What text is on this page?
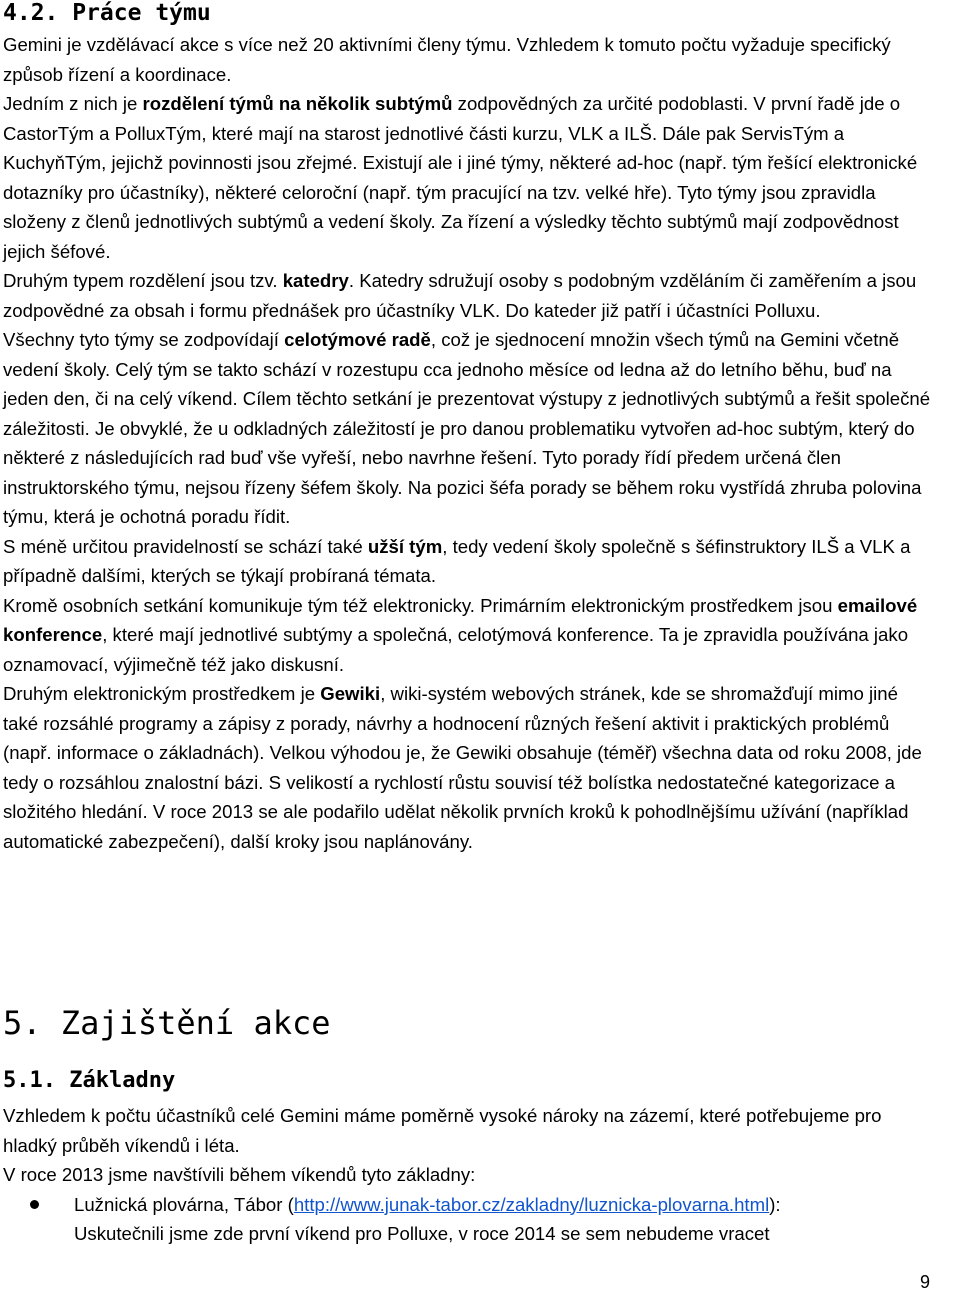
4.2. Práce týmu

Gemini je vzdělávací akce s více než 20 aktivními členy týmu. Vzhledem k tomuto počtu vyžaduje specifický způsob řízení a koordinace.

Jedním z nich je rozdělení týmů na několik subtýmů zodpovědných za určité podoblasti. V první řadě jde o CastorTým a PolluxTým, které mají na starost jednotlivé části kurzu, VLK a ILŠ. Dále pak ServisTým a KuchyňTým, jejichž povinnosti jsou zřejmé. Existují ale i jiné týmy, některé ad-hoc (např. tým řešící elektronické dotazníky pro účastníky), některé celoroční (např. tým pracující na tzv. velké hře). Tyto týmy jsou zpravidla složeny z členů jednotlivých subtýmů a vedení školy. Za řízení a výsledky těchto subtýmů mají zodpovědnost jejich šéfové.

Druhým typem rozdělení jsou tzv. katedry. Katedry sdružují osoby s podobným vzděláním či zaměřením a jsou zodpovědné za obsah i formu přednášek pro účastníky VLK. Do kateder již patří i účastníci Polluxu.

Všechny tyto týmy se zodpovídají celotýmové radě, což je sjednocení množin všech týmů na Gemini včetně vedení školy. Celý tým se takto schází v rozestupu cca jednoho měsíce od ledna až do letního běhu, buď na jeden den, či na celý víkend. Cílem těchto setkání je prezentovat výstupy z jednotlivých subtýmů a řešit společné záležitosti. Je obvyklé, že u odkladných záležitostí je pro danou problematiku vytvořen ad-hoc subtým, který do některé z následujících rad buď vše vyřeší, nebo navrhne řešení. Tyto porady řídí předem určená člen instruktorského týmu, nejsou řízeny šéfem školy. Na pozici šéfa porady se během roku vystřídá zhruba polovina týmu, která je ochotná poradu řídit.

S méně určitou pravidelností se schází také užší tým, tedy vedení školy společně s šéfinstruktory ILŠ a VLK a případně dalšími, kterých se týkají probíraná témata.

Kromě osobních setkání komunikuje tým též elektronicky. Primárním elektronickým prostředkem jsou emailové konference, které mají jednotlivé subtýmy a společná, celotýmová konference. Ta je zpravidla používána jako oznamovací, výjimečně též jako diskusní.

Druhým elektronickým prostředkem je Gewiki, wiki-systém webových stránek, kde se shromažďují mimo jiné také rozsáhlé programy a zápisy z porady, návrhy a hodnocení různých řešení aktivit i praktických problémů (např. informace o základnách). Velkou výhodou je, že Gewiki obsahuje (téměř) všechna data od roku 2008, jde tedy o rozsáhlou znalostní bázi. S velikostí a rychlostí růstu souvisí též bolístka nedostatečné kategorizace a složitého hledání. V roce 2013 se ale podařilo udělat několik prvních kroků k pohodlnějšímu užívání (například automatické zabezpečení), další kroky jsou naplánovány.

5. Zajištění akce
5.1. Základny

Vzhledem k počtu účastníků celé Gemini máme poměrně vysoké nároky na zázemí, které potřebujeme pro hladký průběh víkendů i léta.

V roce 2013 jsme navštívili během víkendů tyto základny:

Lužnická plovárna, Tábor (http://www.junak-tabor.cz/zakladny/luznicka-plovarna.html):
Uskutečnili jsme zde první víkend pro Polluxe, v roce 2014 se sem nebudeme vracet
9
